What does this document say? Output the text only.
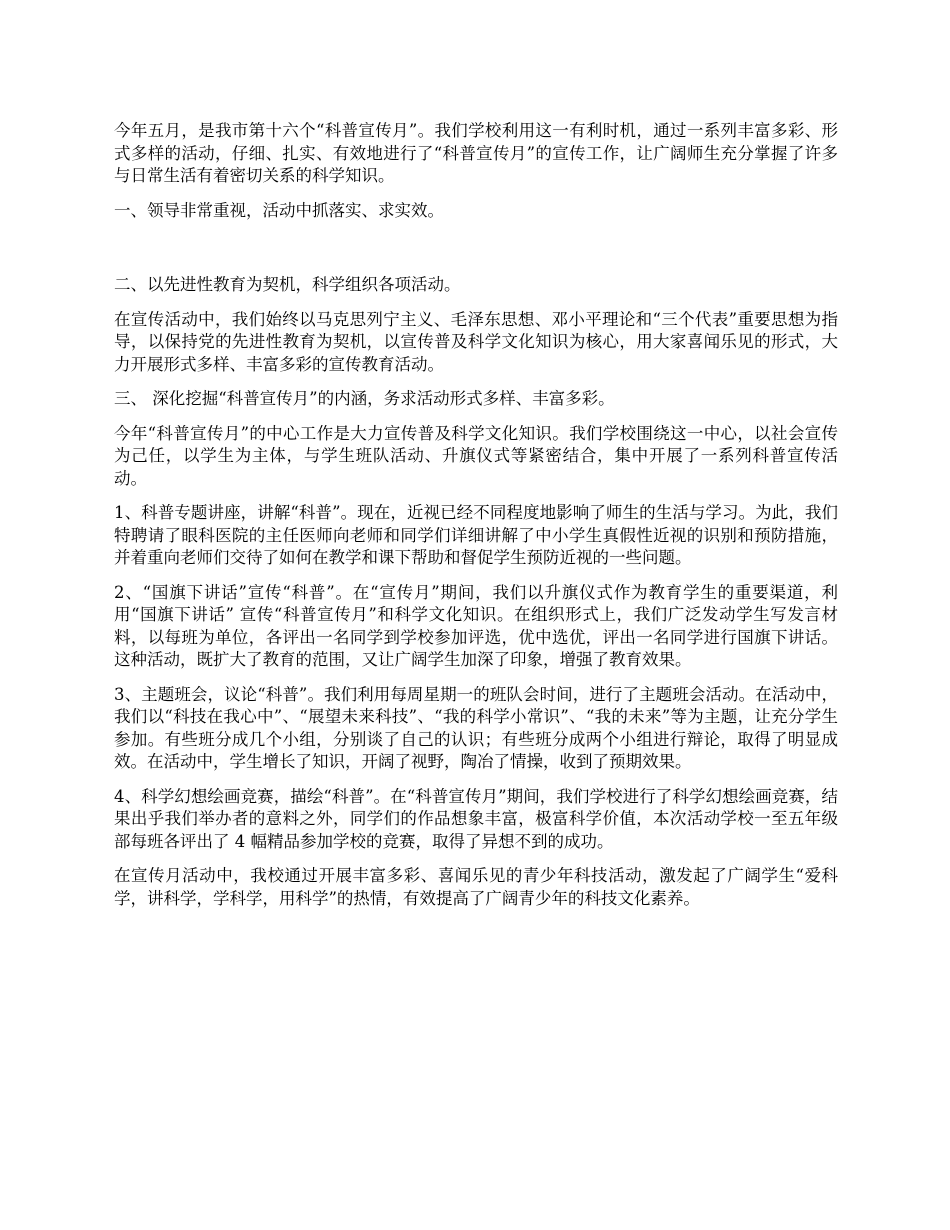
今年五月，是我市第十六个“科普宣传月”。我们学校利用这一有利时机，通过一系列丰富多彩、形式多样的活动，仔细、扎实、有效地进行了“科普宣传月”的宣传工作，让广阔师生充分掌握了许多与日常生活有着密切关系的科学知识。

一、领导非常重视，活动中抓落实、求实效。

二、以先进性教育为契机，科学组织各项活动。

在宣传活动中，我们始终以马克思列宁主义、毛泽东思想、邓小平理论和“三个代表”重要思想为指导，以保持党的先进性教育为契机，以宣传普及科学文化知识为核心，用大家喜闻乐见的形式，大力开展形式多样、丰富多彩的宣传教育活动。

三、 深化挖掘“科普宣传月”的内涵，务求活动形式多样、丰富多彩。

今年“科普宣传月”的中心工作是大力宣传普及科学文化知识。我们学校围绕这一中心，以社会宣传为己任，以学生为主体，与学生班队活动、升旗仪式等紧密结合，集中开展了一系列科普宣传活动。

1、科普专题讲座，讲解“科普”。现在，近视已经不同程度地影响了师生的生活与学习。为此，我们特聘请了眼科医院的主任医师向老师和同学们详细讲解了中小学生真假性近视的识别和预防措施，并着重向老师们交待了如何在教学和课下帮助和督促学生预防近视的一些问题。

2、“国旗下讲话”宣传“科普”。在“宣传月”期间，我们以升旗仪式作为教育学生的重要渠道，利用“国旗下讲话” 宣传“科普宣传月”和科学文化知识。在组织形式上，我们广泛发动学生写发言材料，以每班为单位，各评出一名同学到学校参加评选，优中选优，评出一名同学进行国旗下讲话。这种活动，既扩大了教育的范围，又让广阔学生加深了印象，增强了教育效果。

3、主题班会，议论“科普”。我们利用每周星期一的班队会时间，进行了主题班会活动。在活动中，我们以“科技在我心中”、“展望未来科技”、“我的科学小常识”、“我的未来”等为主题，让充分学生参加。有些班分成几个小组，分别谈了自己的认识；有些班分成两个小组进行辩论，取得了明显成效。在活动中，学生增长了知识，开阔了视野，陶冶了情操，收到了预期效果。

4、科学幻想绘画竞赛，描绘“科普”。在“科普宣传月”期间，我们学校进行了科学幻想绘画竞赛，结果出乎我们举办者的意料之外，同学们的作品想象丰富，极富科学价值，本次活动学校一至五年级部每班各评出了 4 幅精品参加学校的竞赛，取得了异想不到的成功。

在宣传月活动中，我校通过开展丰富多彩、喜闻乐见的青少年科技活动，激发起了广阔学生“爱科学，讲科学，学科学，用科学”的热情，有效提高了广阔青少年的科技文化素养。
